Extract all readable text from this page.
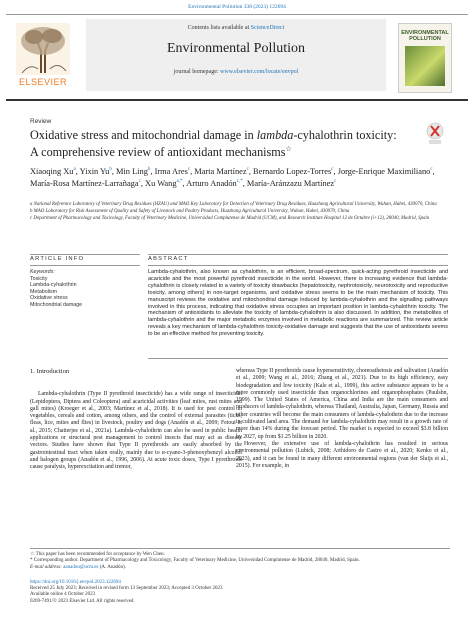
Environmental Pollution 338 (2023) 122694
ELSEVIER
Contents lists available at ScienceDirect
Environmental Pollution
journal homepage: www.elsevier.com/locate/envpol
ENVIRONMENTAL POLLUTION
Review
Oxidative stress and mitochondrial damage in lambda-cyhalothrin toxicity: A comprehensive review of antioxidant mechanisms☆
Xiaoqing Xu$^a$, Yixin Yu$^b$, Min Ling$^b$, Irma Ares$^c$, Marta Martínez$^c$, Bernardo Lopez-Torres$^c$, Jorge-Enrique Maximiliano$^c$, María-Rosa Martínez-Larrañaga$^c$, Xu Wang$^{a,*}$, Arturo Anadón$^{c,*}$, María-Aránzazu Martínez$^c$

a National Reference Laboratory of Veterinary Drug Residues (HZAU) and MAO Key Laboratory for Detection of Veterinary Drug Residues, Huazhong Agricultural University, Wuhan, Hubei, 430070, China

b MAO Laboratory for Risk Assessment of Quality and Safety of Livestock and Poultry Products, Huazhong Agricultural University, Wuhan, Hubei, 430070, China

c Department of Pharmacology and Toxicology, Faculty of Veterinary Medicine, Universidad Complutense de Madrid (UCM), and Research Institute Hospital 12 de Octubre (i+12), 28040, Madrid, Spain

ARTICLE INFO	ABSTRACT
Keywords:
Toxicity
Lambda-cyhalothrin
Metabolism
Oxidative stress
Mitochondrial damage
Lambda-cyhalothrin, also known as cyhalothrin, is an efficient, broad-spectrum, quick-acting pyrethroid insecticide and acaricide and the most powerful pyrethroid insecticide in the world. However, there is increasing evidence that lambda-cyhalothrin is closely related to a variety of toxicity drawbacks (hepatotoxicity, nephrotoxicity, neurotoxicity and reproductive toxicity, among others) in non-target organisms, and oxidative stress seems to be the main mechanism of toxicity. This manuscript reviews the oxidative and mitochondrial damage induced by lambda-cyhalothrin and the signalling pathways involved in this process, indicating that oxidative stress occupies an important position in lambda-cyhalothrin toxicity. The mechanism of antioxidants to alleviate the toxicity of lambda-cyhalothrin is also discussed. In addition, the metabolites of lambda-cyhalothrin and the major metabolic enzymes involved in metabolic reactions are summarized. This review article reveals a key mechanism of lambda-cyhalothrin toxicity-oxidative damage and suggests that the use of antioxidants seems to be an effective method for preventing toxicity.
1. Introduction

Lambda-cyhalothrin (Type II pyrethroid insecticide) has a wide range of insecticidal (Lepidoptera, Diptera and Coleoptera) and acaricidal activities (leaf mites, rust mites and gall mites) (Kroeger et al., 2003; Martínez et al., 2018). It is used for pest control in vegetables, cereals and cotton, among others, and the control of external parasites (ticks, fleas, lice, mites and flies) in livestock, poultry and dogs (Anadón et al., 2009; Fetoui et al., 2015; Chatterjee et al., 2021a). Lambda-cyhalothrin can also be used in public health applications or structural pest management to control insects that may act as disease vectors. Studies have shown that Type II pyrethroids are easily absorbed by the gastrointestinal tract when taken orally, mainly due to α-cyano-3-phenoxybenzyl alcohol and halogen groups (Anadón et al., 1996, 2006). At acute toxic doses, Type I pyrethroids cause paralysis, hyperexcitation and tremor,

whereas Type II pyrethroids cause hypersensitivity, choreoathetosis and salivation (Anadón et al., 2009; Wang et al., 2016; Zhang et al., 2021). Due to its high efficiency, easy biodegradation and low toxicity (Kale et al., 1999), this active substance appears to be a more commonly used insecticide than organochlorines and organophosphates (Paulsbn, 1999). The United States of America, China and India are the main consumers and producers of lambda-cyhalothrin, whereas Thailand, Australia, Japan, Germany, Russia and other countries will become the main consumers of lambda-cyhalothrin due to the increase in cultivated land area. The demand for lambda-cyhalothrin may result in a growth rate of more than 14% during the forecast period. The market is expected to exceed $3.8 billion by 2027, up from $1.25 billion in 2020.

However, the extensive use of lambda-cyhalothrin has resulted in serious environmental pollution (Lubick, 2008; Arthidoro de Castro et al., 2020; Kenko et al., 2023), and it can be found in many different environmental regions (van der Sluijs et al., 2015). For example, in

☆ This paper has been recommended for acceptance by Wen Chen.

* Corresponding author. Department of Pharmacology and Toxicology, Faculty of Veterinary Medicine, Universidad Complutense de Madrid, 28040, Madrid, Spain.

E-mail address: aanadon@ucm.es (A. Anadón).

https://doi.org/10.1016/j.envpol.2023.122694

Received 25 July 2023; Received in revised form 13 September 2023; Accepted 3 October 2023

Available online 4 October 2023

0269-7491/© 2023 Elsevier Ltd. All rights reserved.
